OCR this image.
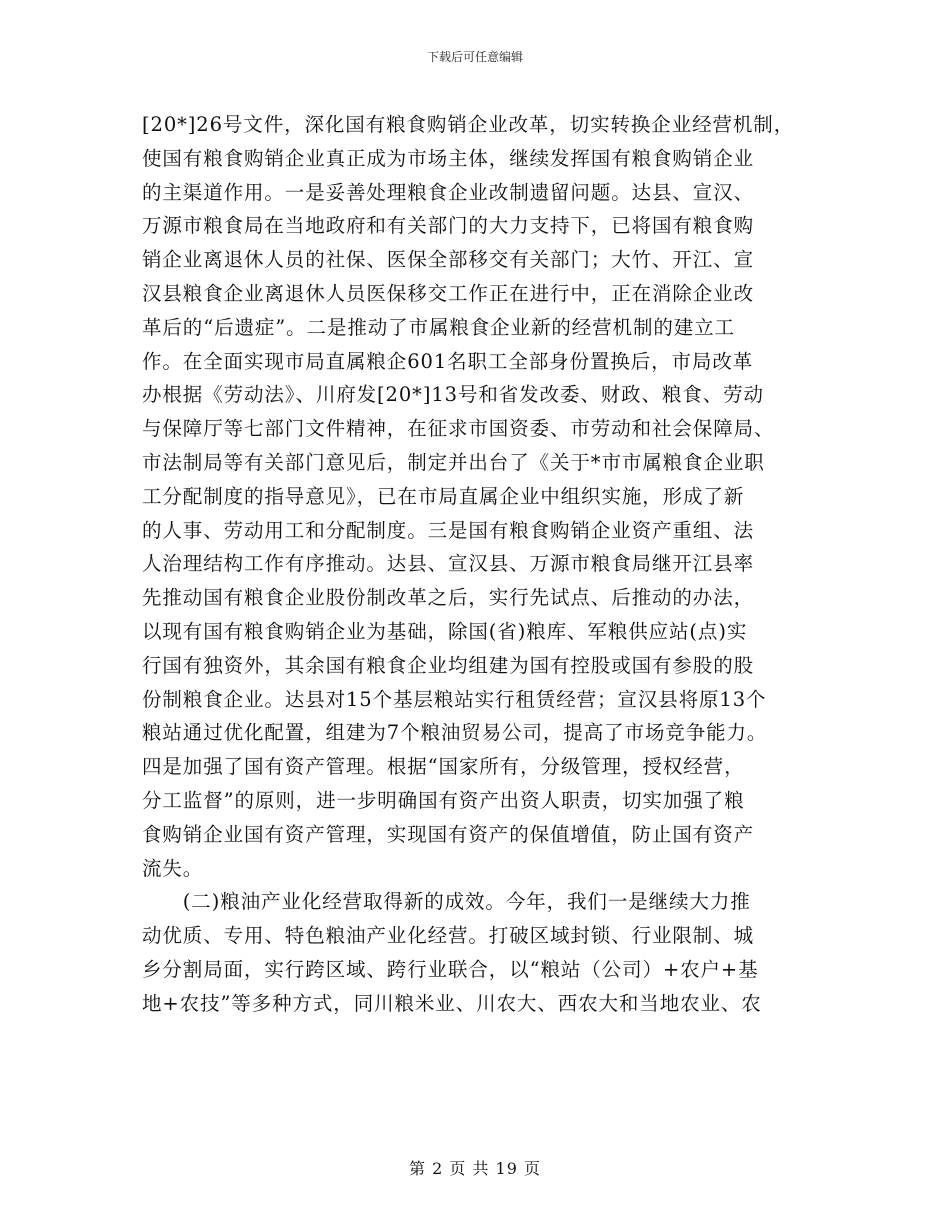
下载后可任意编辑
[20*]26号文件，深化国有粮食购销企业改革，切实转换企业经营机制，
使国有粮食购销企业真正成为市场主体，继续发挥国有粮食购销企业
的主渠道作用。一是妥善处理粮食企业改制遗留问题。达县、宣汉、
万源市粮食局在当地政府和有关部门的大力支持下，已将国有粮食购
销企业离退休人员的社保、医保全部移交有关部门；大竹、开江、宣
汉县粮食企业离退休人员医保移交工作正在进行中，正在消除企业改
革后的“后遗症”。二是推动了市属粮食企业新的经营机制的建立工
作。在全面实现市局直属粮企601名职工全部身份置换后，市局改革
办根据《劳动法》、川府发[20*]13号和省发改委、财政、粮食、劳动
与保障厅等七部门文件精神，在征求市国资委、市劳动和社会保障局、
市法制局等有关部门意见后，制定并出台了《关于*市市属粮食企业职
工分配制度的指导意见》，已在市局直属企业中组织实施，形成了新
的人事、劳动用工和分配制度。三是国有粮食购销企业资产重组、法
人治理结构工作有序推动。达县、宣汉县、万源市粮食局继开江县率
先推动国有粮食企业股份制改革之后，实行先试点、后推动的办法，
以现有国有粮食购销企业为基础，除国(省)粮库、军粮供应站(点)实
行国有独资外，其余国有粮食企业均组建为国有控股或国有参股的股
份制粮食企业。达县对15个基层粮站实行租赁经营；宣汉县将原13个
粮站通过优化配置，组建为7个粮油贸易公司，提高了市场竞争能力。
四是加强了国有资产管理。根据“国家所有，分级管理，授权经营，
分工监督”的原则，进一步明确国有资产出资人职责，切实加强了粮
食购销企业国有资产管理，实现国有资产的保值增值，防止国有资产
流失。
　　(二)粮油产业化经营取得新的成效。今年，我们一是继续大力推
动优质、专用、特色粮油产业化经营。打破区域封锁、行业限制、城
乡分割局面，实行跨区域、跨行业联合，以“粮站（公司）+农户+基
地+农技”等多种方式，同川粮米业、川农大、西农大和当地农业、农
第 2 页 共 19 页
